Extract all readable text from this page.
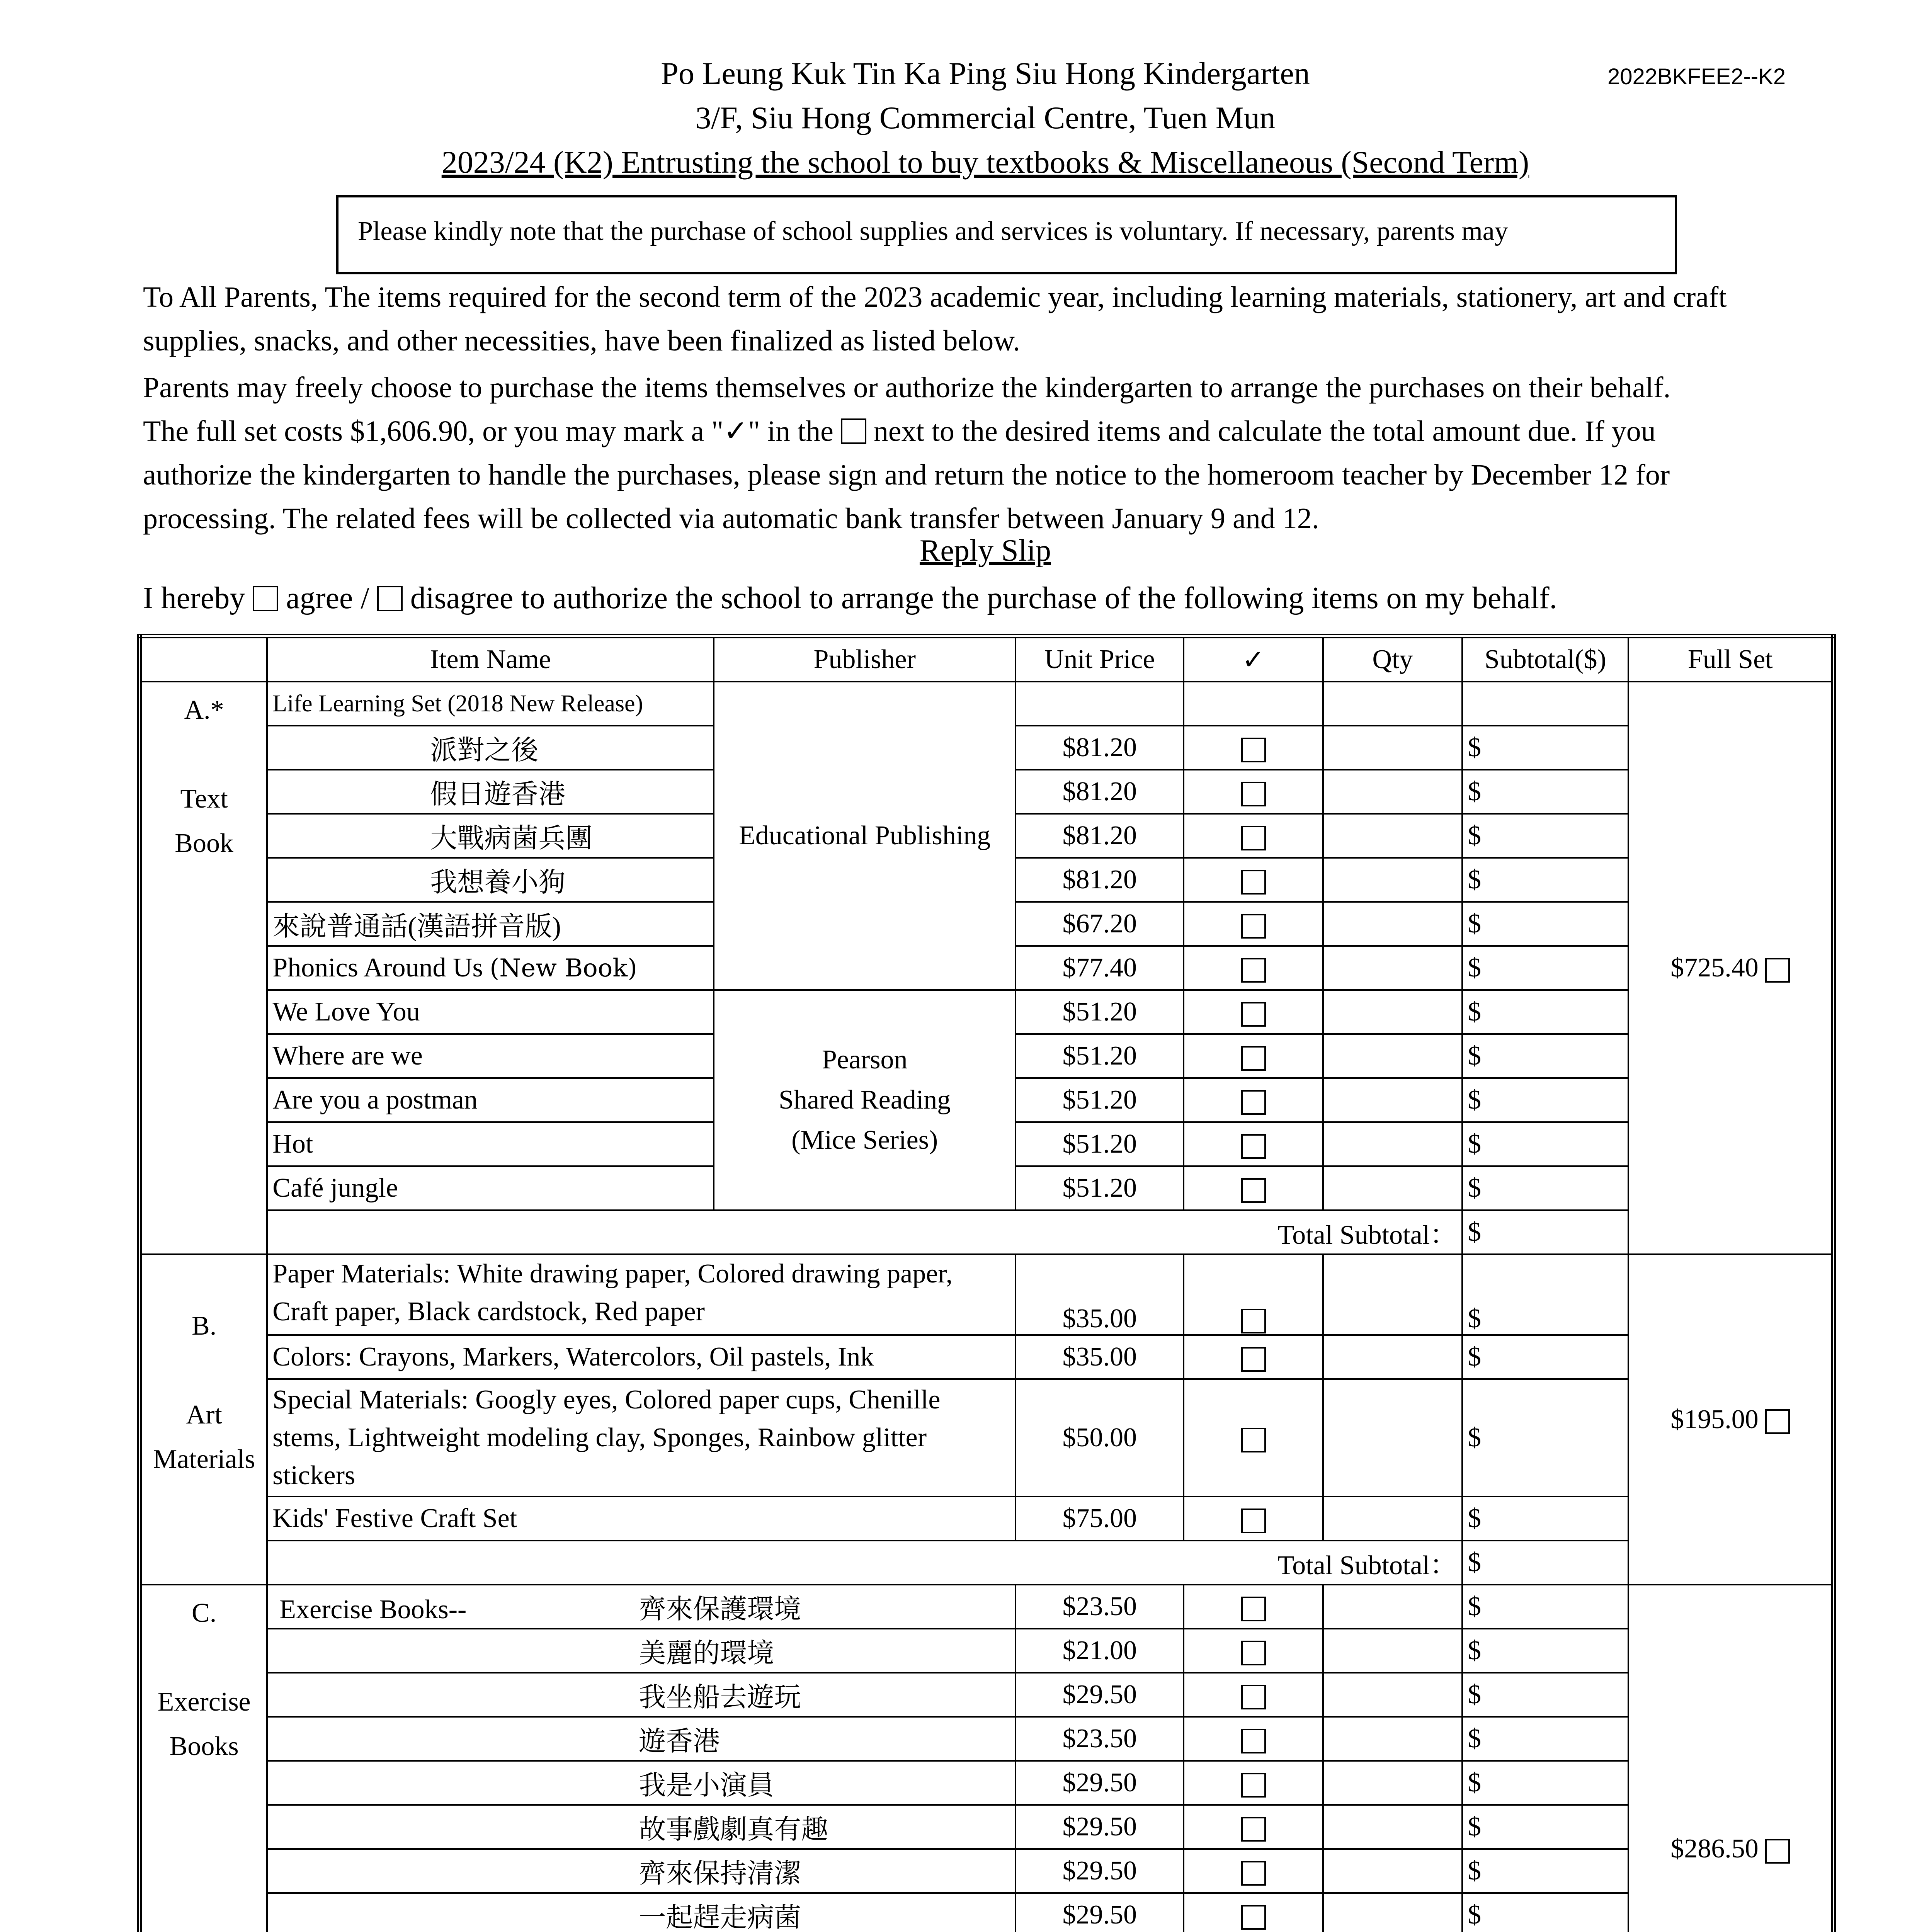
Po Leung Kuk Tin Ka Ping Siu Hong Kindergarten
3/F, Siu Hong Commercial Centre, Tuen Mun
2023/24 (K2) Entrusting the school to buy textbooks & Miscellaneous (Second Term)
2022BKFEE2--K2
Please kindly note that the purchase of school supplies and services is voluntary. If necessary, parents may

To All Parents, The items required for the second term of the 2023 academic year, including learning materials, stationery, art and craft supplies, snacks, and other necessities, have been finalized as listed below.

Parents may freely choose to purchase the items themselves or authorize the kindergarten to arrange the purchases on their behalf.

The full set costs $1,606.90, or you may mark a "✓" in the next to the desired items and calculate the total amount due. If you

authorize the kindergarten to handle the purchases, please sign and return the notice to the homeroom teacher by December 12 for processing. The related fees will be collected via automatic bank transfer between January 9 and 12.

Reply Slip
I hereby agree / disagree to authorize the school to arrange the purchase of the following items on my behalf.
	Item Name	Publisher	Unit Price	✓	Qty	Subtotal($)	Full Set

A.*
Text
Book	Life Learning Set (2018 New Release)	Educational Publishing					$725.40
	派對之後		$81.20			$	
	假日遊香港		$81.20			$	
	大戰病菌兵團		$81.20			$	
	我想養小狗		$81.20			$	
	來說普通話(漢語拼音版)		$67.20			$	
	Phonics Around Us (New Book)		$77.40			$	
	We Love You	Pearson
Shared Reading
(Mice Series)	$51.20			$	
	Where are we		$51.20			$	
	Are you a postman		$51.20			$	
	Hot		$51.20			$	
	Café jungle		$51.20			$	
	Total Subtotal：					$	

B.
Art
Materials	Paper Materials: White drawing paper, Colored drawing paper, Craft paper, Black cardstock, Red paper		$35.00			$	$195.00
	Colors: Crayons, Markers, Watercolors, Oil pastels, Ink		$35.00			$	
	Special Materials: Googly eyes, Colored paper cups, Chenille stems, Lightweight modeling clay, Sponges, Rainbow glitter stickers		$50.00			$	
	Kids' Festive Craft Set		$75.00			$	
	Total Subtotal：					$	

C.
Exercise
Books	Exercise Books-- 齊來保護環境		$23.50			$	$286.50
	美麗的環境		$21.00			$	
	我坐船去遊玩		$29.50			$	
	遊香港		$23.50			$	
	我是小演員		$29.50			$	
	故事戲劇真有趣		$29.50			$	
	齊來保持清潔		$29.50			$	
	一起趕走病菌		$29.50			$	
